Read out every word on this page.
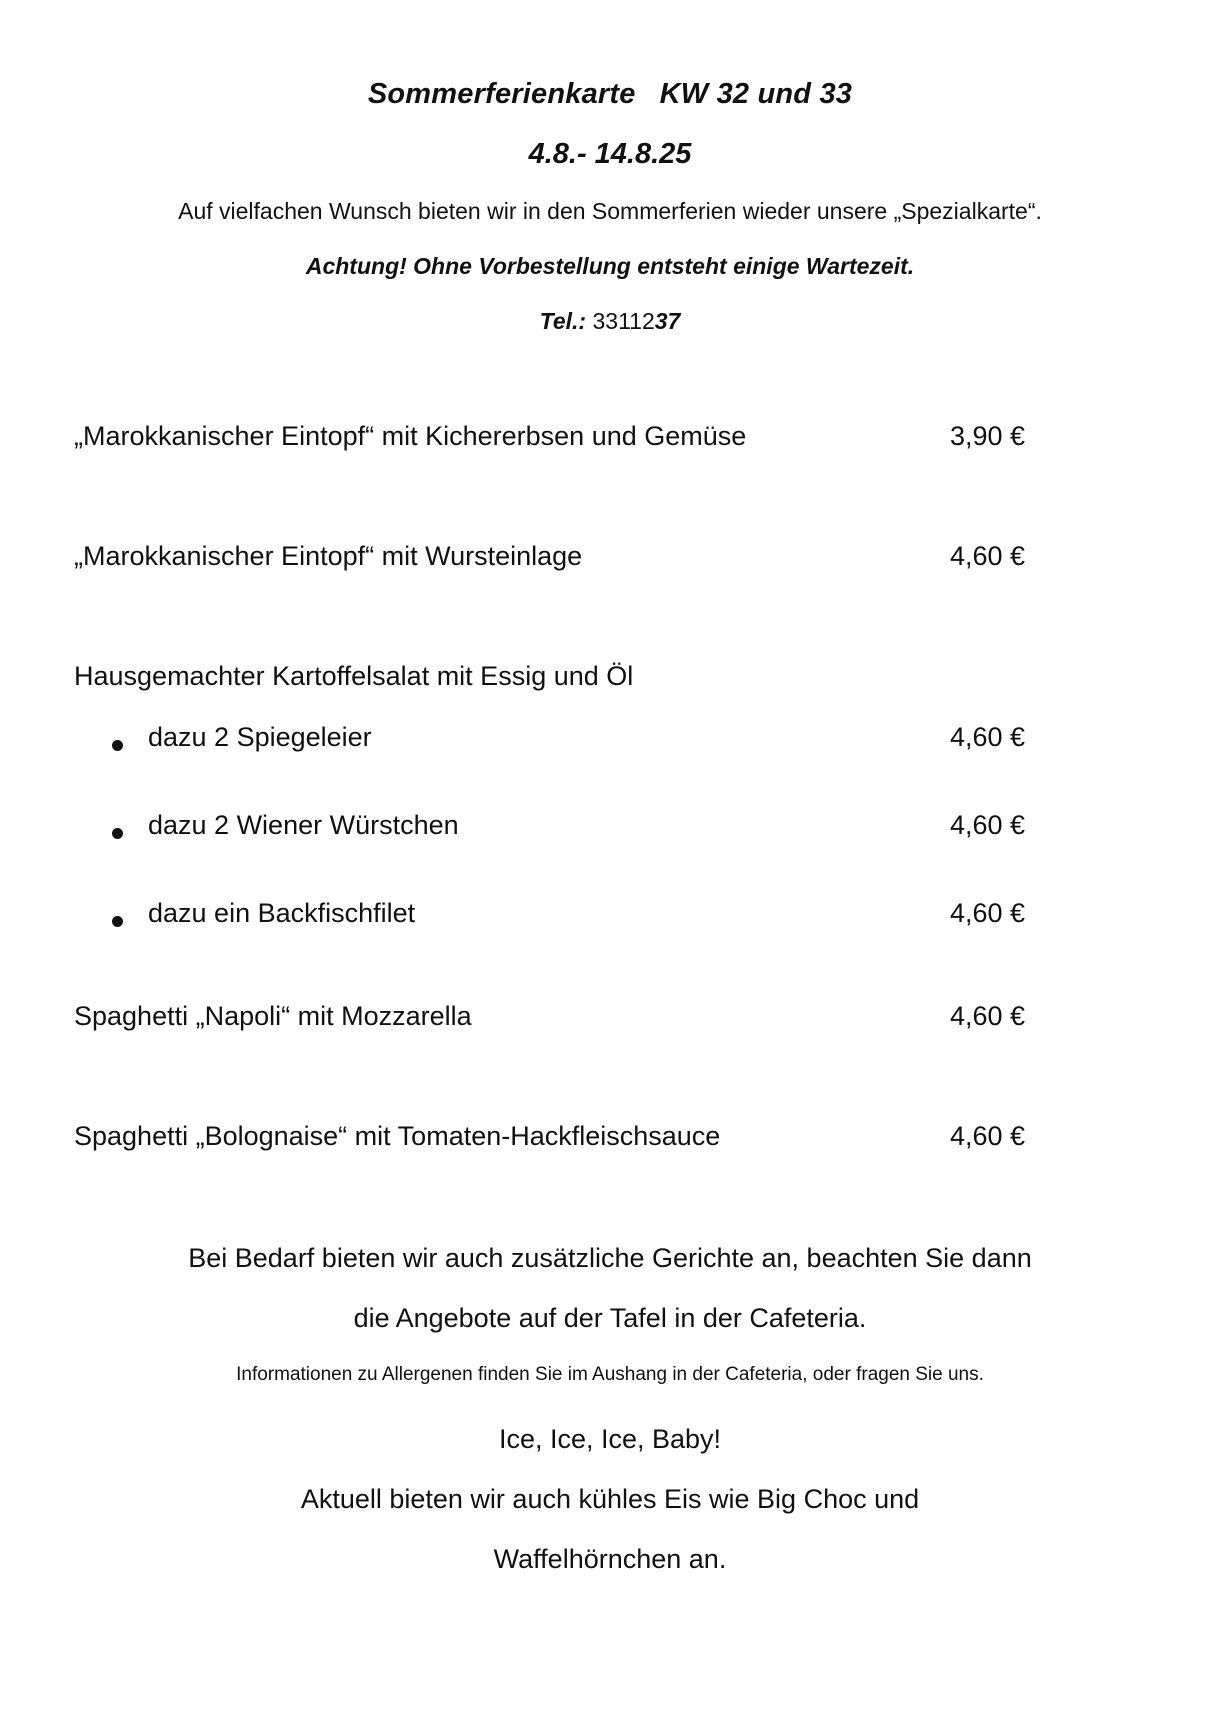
Sommerferienkarte KW 32 und 33
4.8.- 14.8.25
Auf vielfachen Wunsch bieten wir in den Sommerferien wieder unsere „Spezialkarte“.
Achtung! Ohne Vorbestellung entsteht einige Wartezeit.
Tel.: 3311237
„Marokkanischer Eintopf“ mit Kichererbsen und Gemüse	3,90 €
„Marokkanischer Eintopf“ mit Wursteinlage	4,60 €
Hausgemachter Kartoffelsalat mit Essig und Öl
dazu 2 Spiegeleier	4,60 €
dazu 2 Wiener Würstchen	4,60 €
dazu ein Backfischfilet	4,60 €
Spaghetti „Napoli“ mit Mozzarella	4,60 €
Spaghetti „Bolognaise“ mit Tomaten-Hackfleischsauce	4,60 €
Bei Bedarf bieten wir auch zusätzliche Gerichte an, beachten Sie dann
die Angebote auf der Tafel in der Cafeteria.
Informationen zu Allergenen finden Sie im Aushang in der Cafeteria, oder fragen Sie uns.
Ice, Ice, Ice, Baby!
Aktuell bieten wir auch kühles Eis wie Big Choc und
Waffelhörnchen an.
